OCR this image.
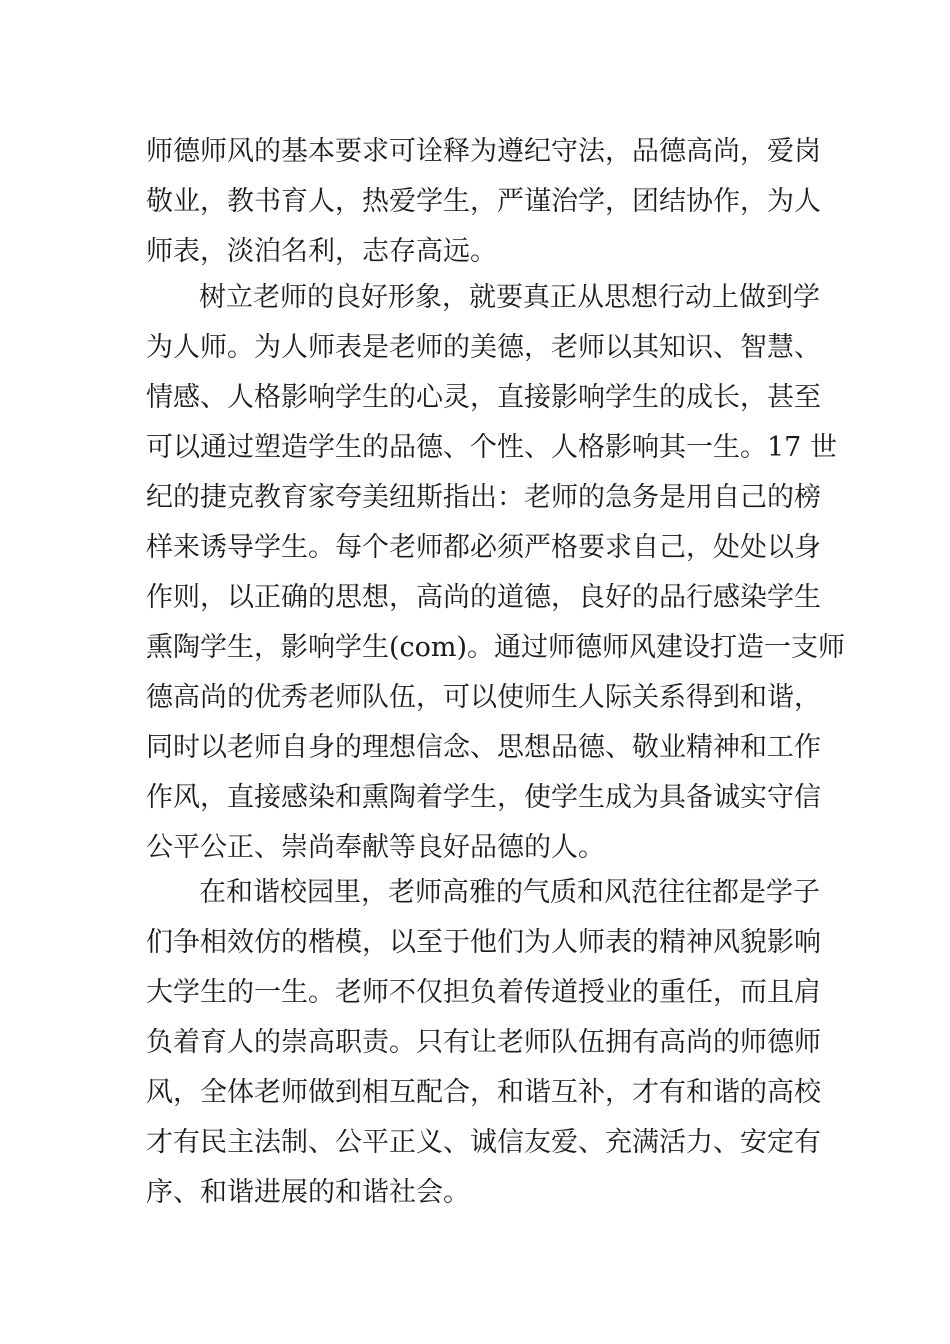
师德师风的基本要求可诠释为遵纪守法，品德高尚，爱岗
敬业，教书育人，热爱学生，严谨治学，团结协作，为人
师表，淡泊名利，志存高远。
树立老师的良好形象，就要真正从思想行动上做到学
为人师。为人师表是老师的美德，老师以其知识、智慧、
情感、人格影响学生的心灵，直接影响学生的成长，甚至
可以通过塑造学生的品德、个性、人格影响其一生。17 世
纪的捷克教育家夸美纽斯指出：老师的急务是用自己的榜
样来诱导学生。每个老师都必须严格要求自己，处处以身
作则，以正确的思想，高尚的道德，良好的品行感染学生
熏陶学生，影响学生(com)。通过师德师风建设打造一支师
德高尚的优秀老师队伍，可以使师生人际关系得到和谐，
同时以老师自身的理想信念、思想品德、敬业精神和工作
作风，直接感染和熏陶着学生，使学生成为具备诚实守信
公平公正、崇尚奉献等良好品德的人。
在和谐校园里，老师高雅的气质和风范往往都是学子
们争相效仿的楷模，以至于他们为人师表的精神风貌影响
大学生的一生。老师不仅担负着传道授业的重任，而且肩
负着育人的崇高职责。只有让老师队伍拥有高尚的师德师
风，全体老师做到相互配合，和谐互补，才有和谐的高校
才有民主法制、公平正义、诚信友爱、充满活力、安定有
序、和谐进展的和谐社会。
